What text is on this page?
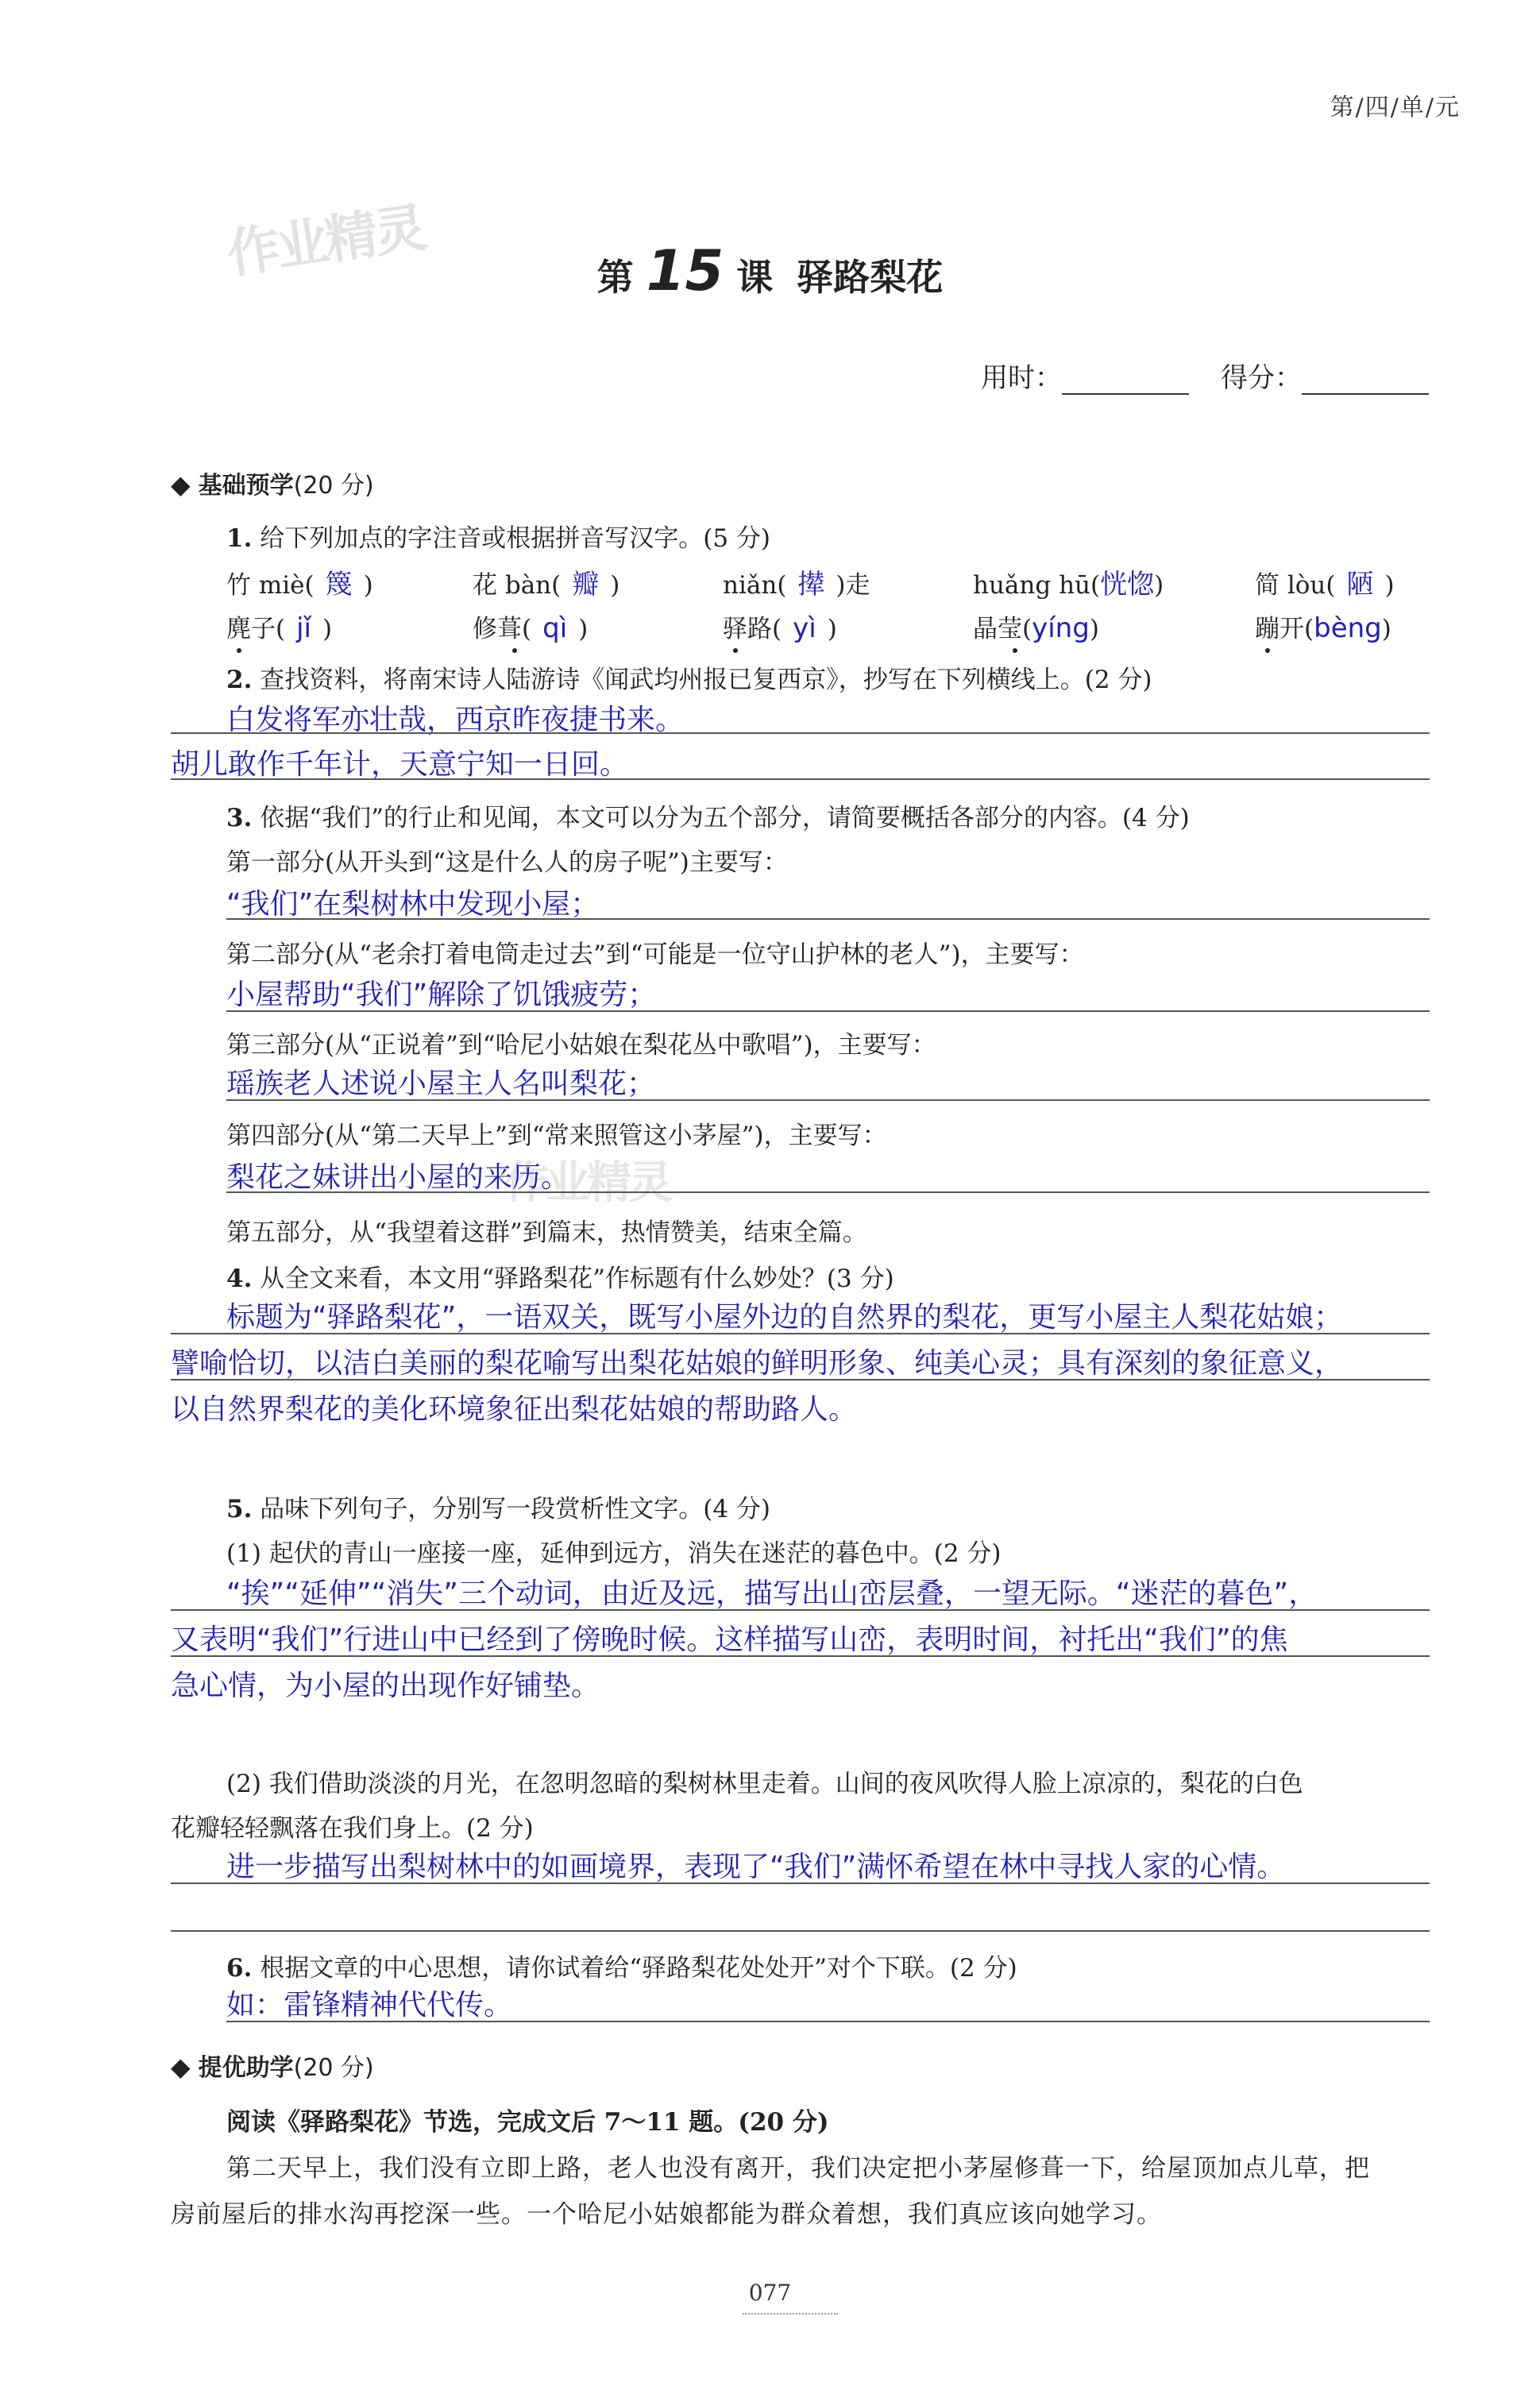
第/四/单/元
作业精灵
作业精灵
第 15 课 驿路梨花
用时：	得分：
◆ 基础预学(20 分)
1. 给下列加点的字注音或根据拼音写汉字。(5 分)
竹 miè( 篾 )	花 bàn( 瓣 )	niǎn( 撵 )走	huǎng hū(恍惚)	简 lòu( 陋 )
麂子( jǐ )	修葺( qì )	驿路( yì )	晶莹(yíng)	蹦开(bèng)
2. 查找资料，将南宋诗人陆游诗《闻武均州报已复西京》，抄写在下列横线上。(2 分)
白发将军亦壮哉，西京昨夜捷书来。
胡儿敢作千年计，天意宁知一日回。
3. 依据“我们”的行止和见闻，本文可以分为五个部分，请简要概括各部分的内容。(4 分)
第一部分(从开头到“这是什么人的房子呢”)主要写：
“我们”在梨树林中发现小屋；
第二部分(从“老余打着电筒走过去”到“可能是一位守山护林的老人”)，主要写：
小屋帮助“我们”解除了饥饿疲劳；
第三部分(从“正说着”到“哈尼小姑娘在梨花丛中歌唱”)，主要写：
瑶族老人述说小屋主人名叫梨花；
第四部分(从“第二天早上”到“常来照管这小茅屋”)，主要写：
梨花之妹讲出小屋的来历。
第五部分，从“我望着这群”到篇末，热情赞美，结束全篇。
4. 从全文来看，本文用“驿路梨花”作标题有什么妙处？(3 分)
标题为“驿路梨花”，一语双关，既写小屋外边的自然界的梨花，更写小屋主人梨花姑娘；
譬喻恰切，以洁白美丽的梨花喻写出梨花姑娘的鲜明形象、纯美心灵；具有深刻的象征意义，
以自然界梨花的美化环境象征出梨花姑娘的帮助路人。
5. 品味下列句子，分别写一段赏析性文字。(4 分)
(1) 起伏的青山一座接一座，延伸到远方，消失在迷茫的暮色中。(2 分)
“挨”“延伸”“消失”三个动词，由近及远，描写出山峦层叠，一望无际。“迷茫的暮色”，
又表明“我们”行进山中已经到了傍晚时候。这样描写山峦，表明时间，衬托出“我们”的焦
急心情，为小屋的出现作好铺垫。
(2) 我们借助淡淡的月光，在忽明忽暗的梨树林里走着。山间的夜风吹得人脸上凉凉的，梨花的白色
花瓣轻轻飘落在我们身上。(2 分)
进一步描写出梨树林中的如画境界，表现了“我们”满怀希望在林中寻找人家的心情。
6. 根据文章的中心思想，请你试着给“驿路梨花处处开”对个下联。(2 分)
如：雷锋精神代代传。
◆ 提优助学(20 分)
阅读《驿路梨花》节选，完成文后 7～11 题。(20 分)
第二天早上，我们没有立即上路，老人也没有离开，我们决定把小茅屋修葺一下，给屋顶加点儿草，把
房前屋后的排水沟再挖深一些。一个哈尼小姑娘都能为群众着想，我们真应该向她学习。
077
